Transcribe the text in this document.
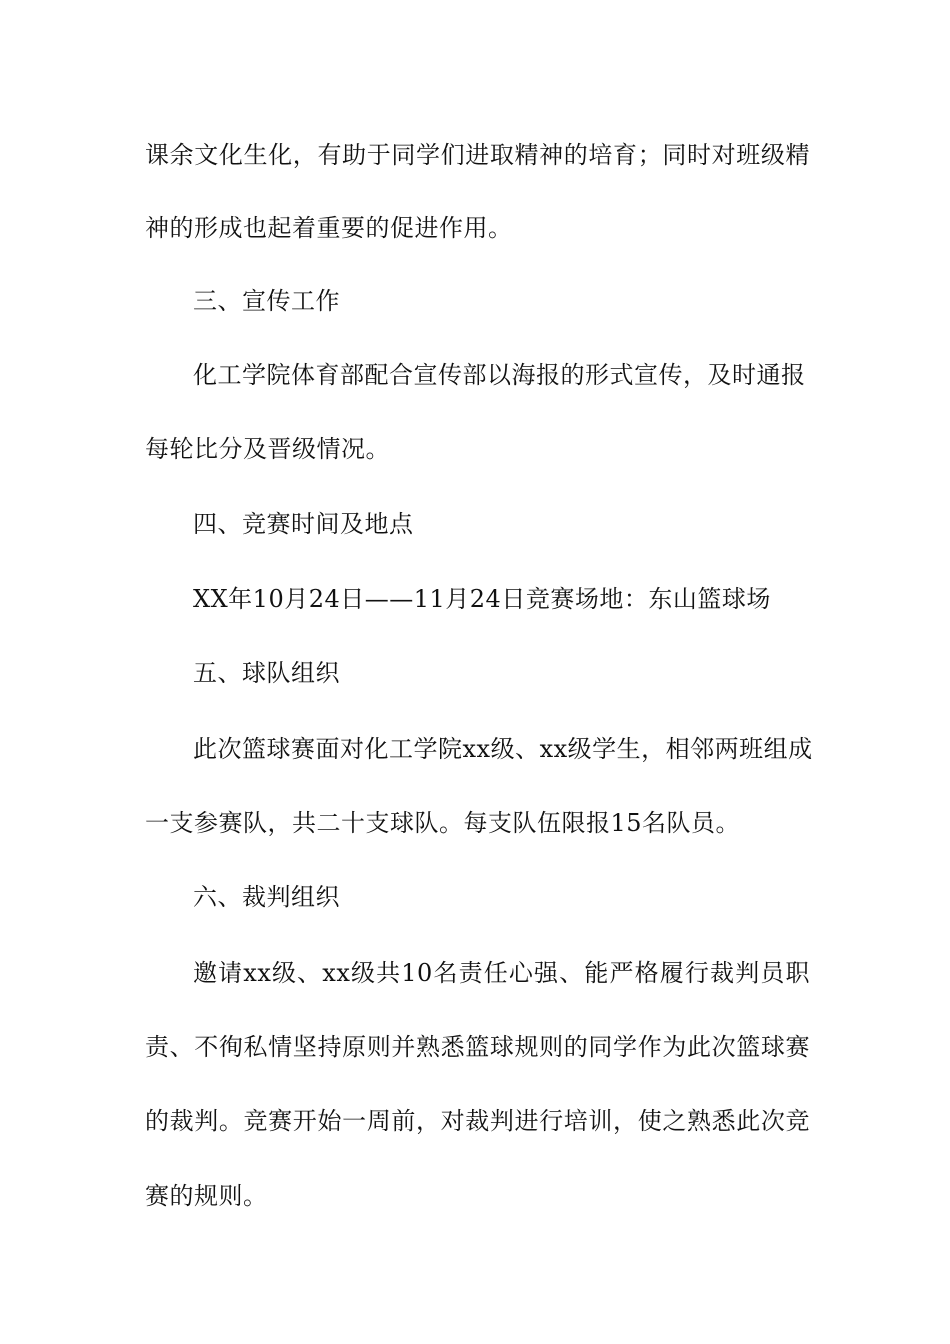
课余文化生化，有助于同学们进取精神的培育；同时对班级精
神的形成也起着重要的促进作用。
三、宣传工作
化工学院体育部配合宣传部以海报的形式宣传，及时通报
每轮比分及晋级情况。
四、竞赛时间及地点
XX年10月24日——11月24日竞赛场地：东山篮球场
五、球队组织
此次篮球赛面对化工学院xx级、xx级学生，相邻两班组成
一支参赛队，共二十支球队。每支队伍限报15名队员。
六、裁判组织
邀请xx级、xx级共10名责任心强、能严格履行裁判员职
责、不徇私情坚持原则并熟悉篮球规则的同学作为此次篮球赛
的裁判。竞赛开始一周前，对裁判进行培训，使之熟悉此次竞
赛的规则。
